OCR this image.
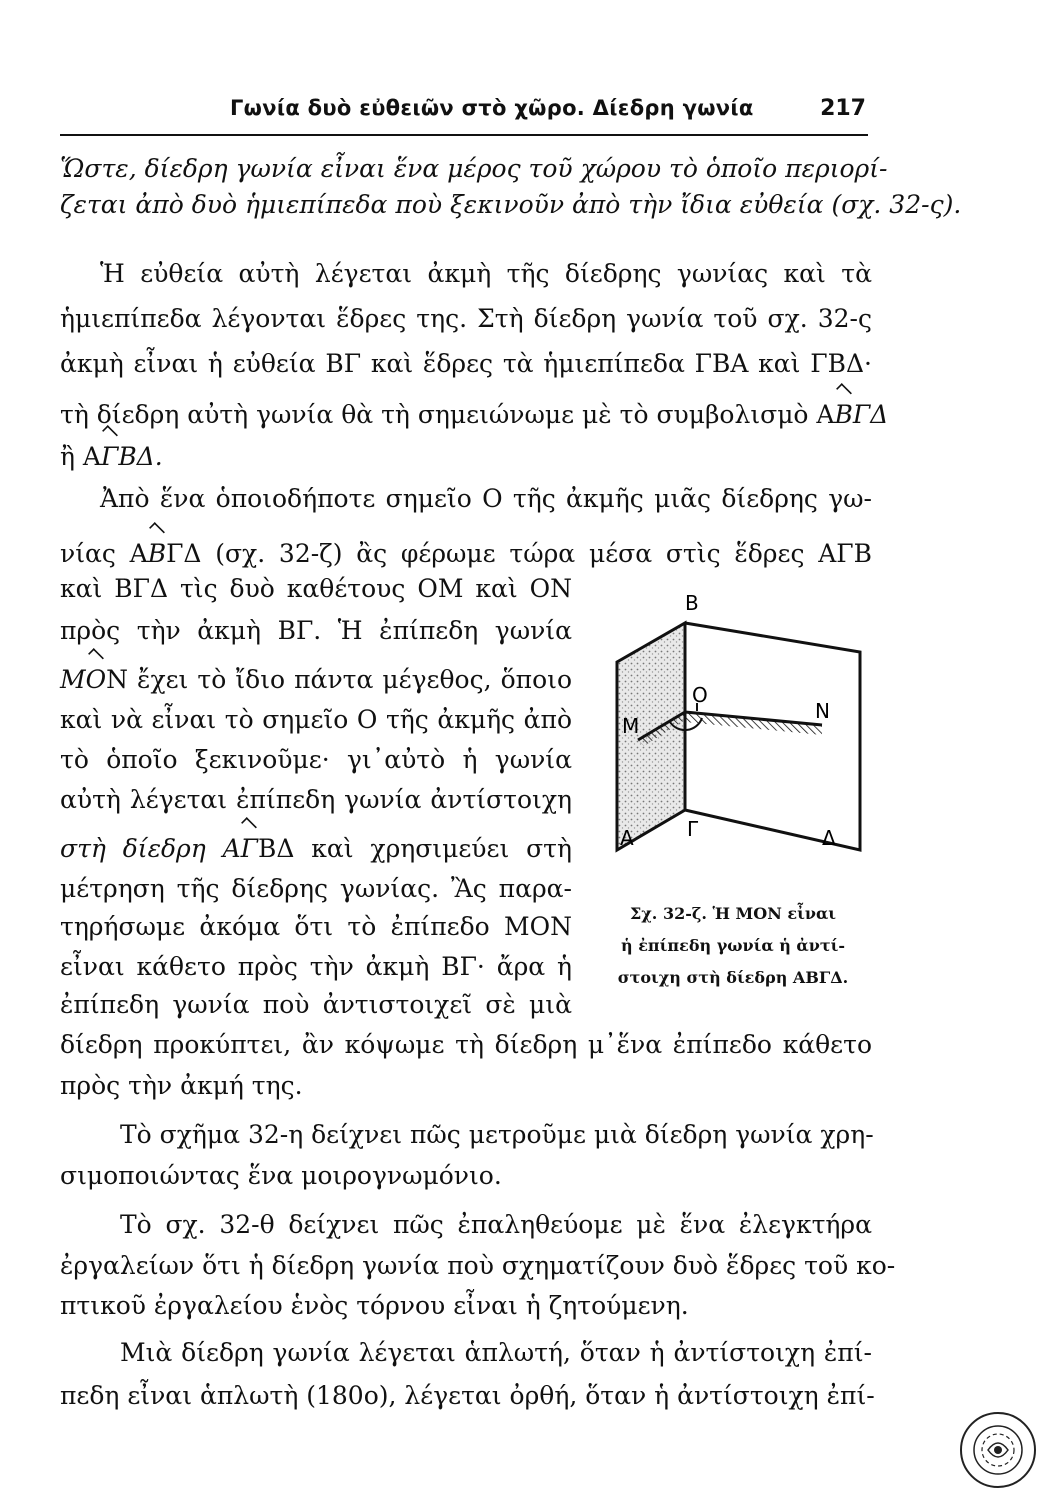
Γωνία δυὸ εὐθειῶν στὸ χῶρο. Δίεδρη γωνία	217
Ὥστε, δίεδρη γωνία εἶναι ἕνα μέρος τοῦ χώρου τὸ ὁποῖο περιορί-
ζεται ἀπὸ δυὸ ἡμιεπίπεδα ποὺ ξεκινοῦν ἀπὸ τὴν ἴδια εὐθεία (σχ. 32-ς).
Ἡ εὐθεία αὐτὴ λέγεται ἀκμὴ τῆς δίεδρης γωνίας καὶ τὰ
ἡμιεπίπεδα λέγονται ἕδρες της. Στὴ δίεδρη γωνία τοῦ σχ. 32-ς
ἀκμὴ εἶναι ἡ εὐθεία ΒΓ καὶ ἕδρες τὰ ἡμιεπίπεδα ΓΒΑ καὶ ΓΒΔ·
τὴ δίεδρη αὐτὴ γωνία θὰ τὴ σημειώνωμε μὲ τὸ συμβολισμὸ ΑΒΓΔ
ἢ ΑΓΒΔ.
Ἀπὸ ἕνα ὁποιοδήποτε σημεῖο Ο τῆς ἀκμῆς μιᾶς δίεδρης γω-
νίας ΑΒΓΔ (σχ. 32-ζ) ἂς φέρωμε τώρα μέσα στὶς ἕδρες ΑΓΒ
καὶ ΒΓΔ τὶς δυὸ καθέτους ΟΜ καὶ ΟΝ
πρὸς τὴν ἀκμὴ ΒΓ. Ἡ ἐπίπεδη γωνία
ΜΟΝ ἔχει τὸ ἴδιο πάντα μέγεθος, ὅποιο
καὶ νὰ εἶναι τὸ σημεῖο Ο τῆς ἀκμῆς ἀπὸ
τὸ ὁποῖο ξεκινοῦμε· γι᾽αὐτὸ ἡ γωνία
αὐτὴ λέγεται ἐπίπεδη γωνία ἀντίστοιχη
στὴ δίεδρη ΑΓΒΔ καὶ χρησιμεύει στὴ
μέτρηση τῆς δίεδρης γωνίας. Ἂς παρα-
τηρήσωμε ἀκόμα ὅτι τὸ ἐπίπεδο ΜΟΝ
εἶναι κάθετο πρὸς τὴν ἀκμὴ ΒΓ· ἄρα ἡ
ἐπίπεδη γωνία ποὺ ἀντιστοιχεῖ σὲ μιὰ
δίεδρη προκύπτει, ἂν κόψωμε τὴ δίεδρη μ᾽ἕνα ἐπίπεδο κάθετο
πρὸς τὴν ἀκμή της.
Τὸ σχῆμα 32-η δείχνει πῶς μετροῦμε μιὰ δίεδρη γωνία χρη-
σιμοποιώντας ἕνα μοιρογνωμόνιο.
Τὸ σχ. 32-θ δείχνει πῶς ἐπαληθεύομε μὲ ἕνα ἐλεγκτήρα
ἐργαλείων ὅτι ἡ δίεδρη γωνία ποὺ σχηματίζουν δυὸ ἕδρες τοῦ κο-
πτικοῦ ἐργαλείου ἑνὸς τόρνου εἶναι ἡ ζητούμενη.
Μιὰ δίεδρη γωνία λέγεται ἁπλωτή, ὅταν ἡ ἀντίστοιχη ἐπί-
πεδη εἶναι ἁπλωτὴ (180ο), λέγεται ὀρθή, ὅταν ἡ ἀντίστοιχη ἐπί-
B
O
M
N
A	Γ	Δ
Σχ. 32-ζ. Ἡ ΜΟΝ εἶναι
ἡ ἐπίπεδη γωνία ἡ ἀντί-
στοιχη στὴ δίεδρη ΑΒΓΔ.
